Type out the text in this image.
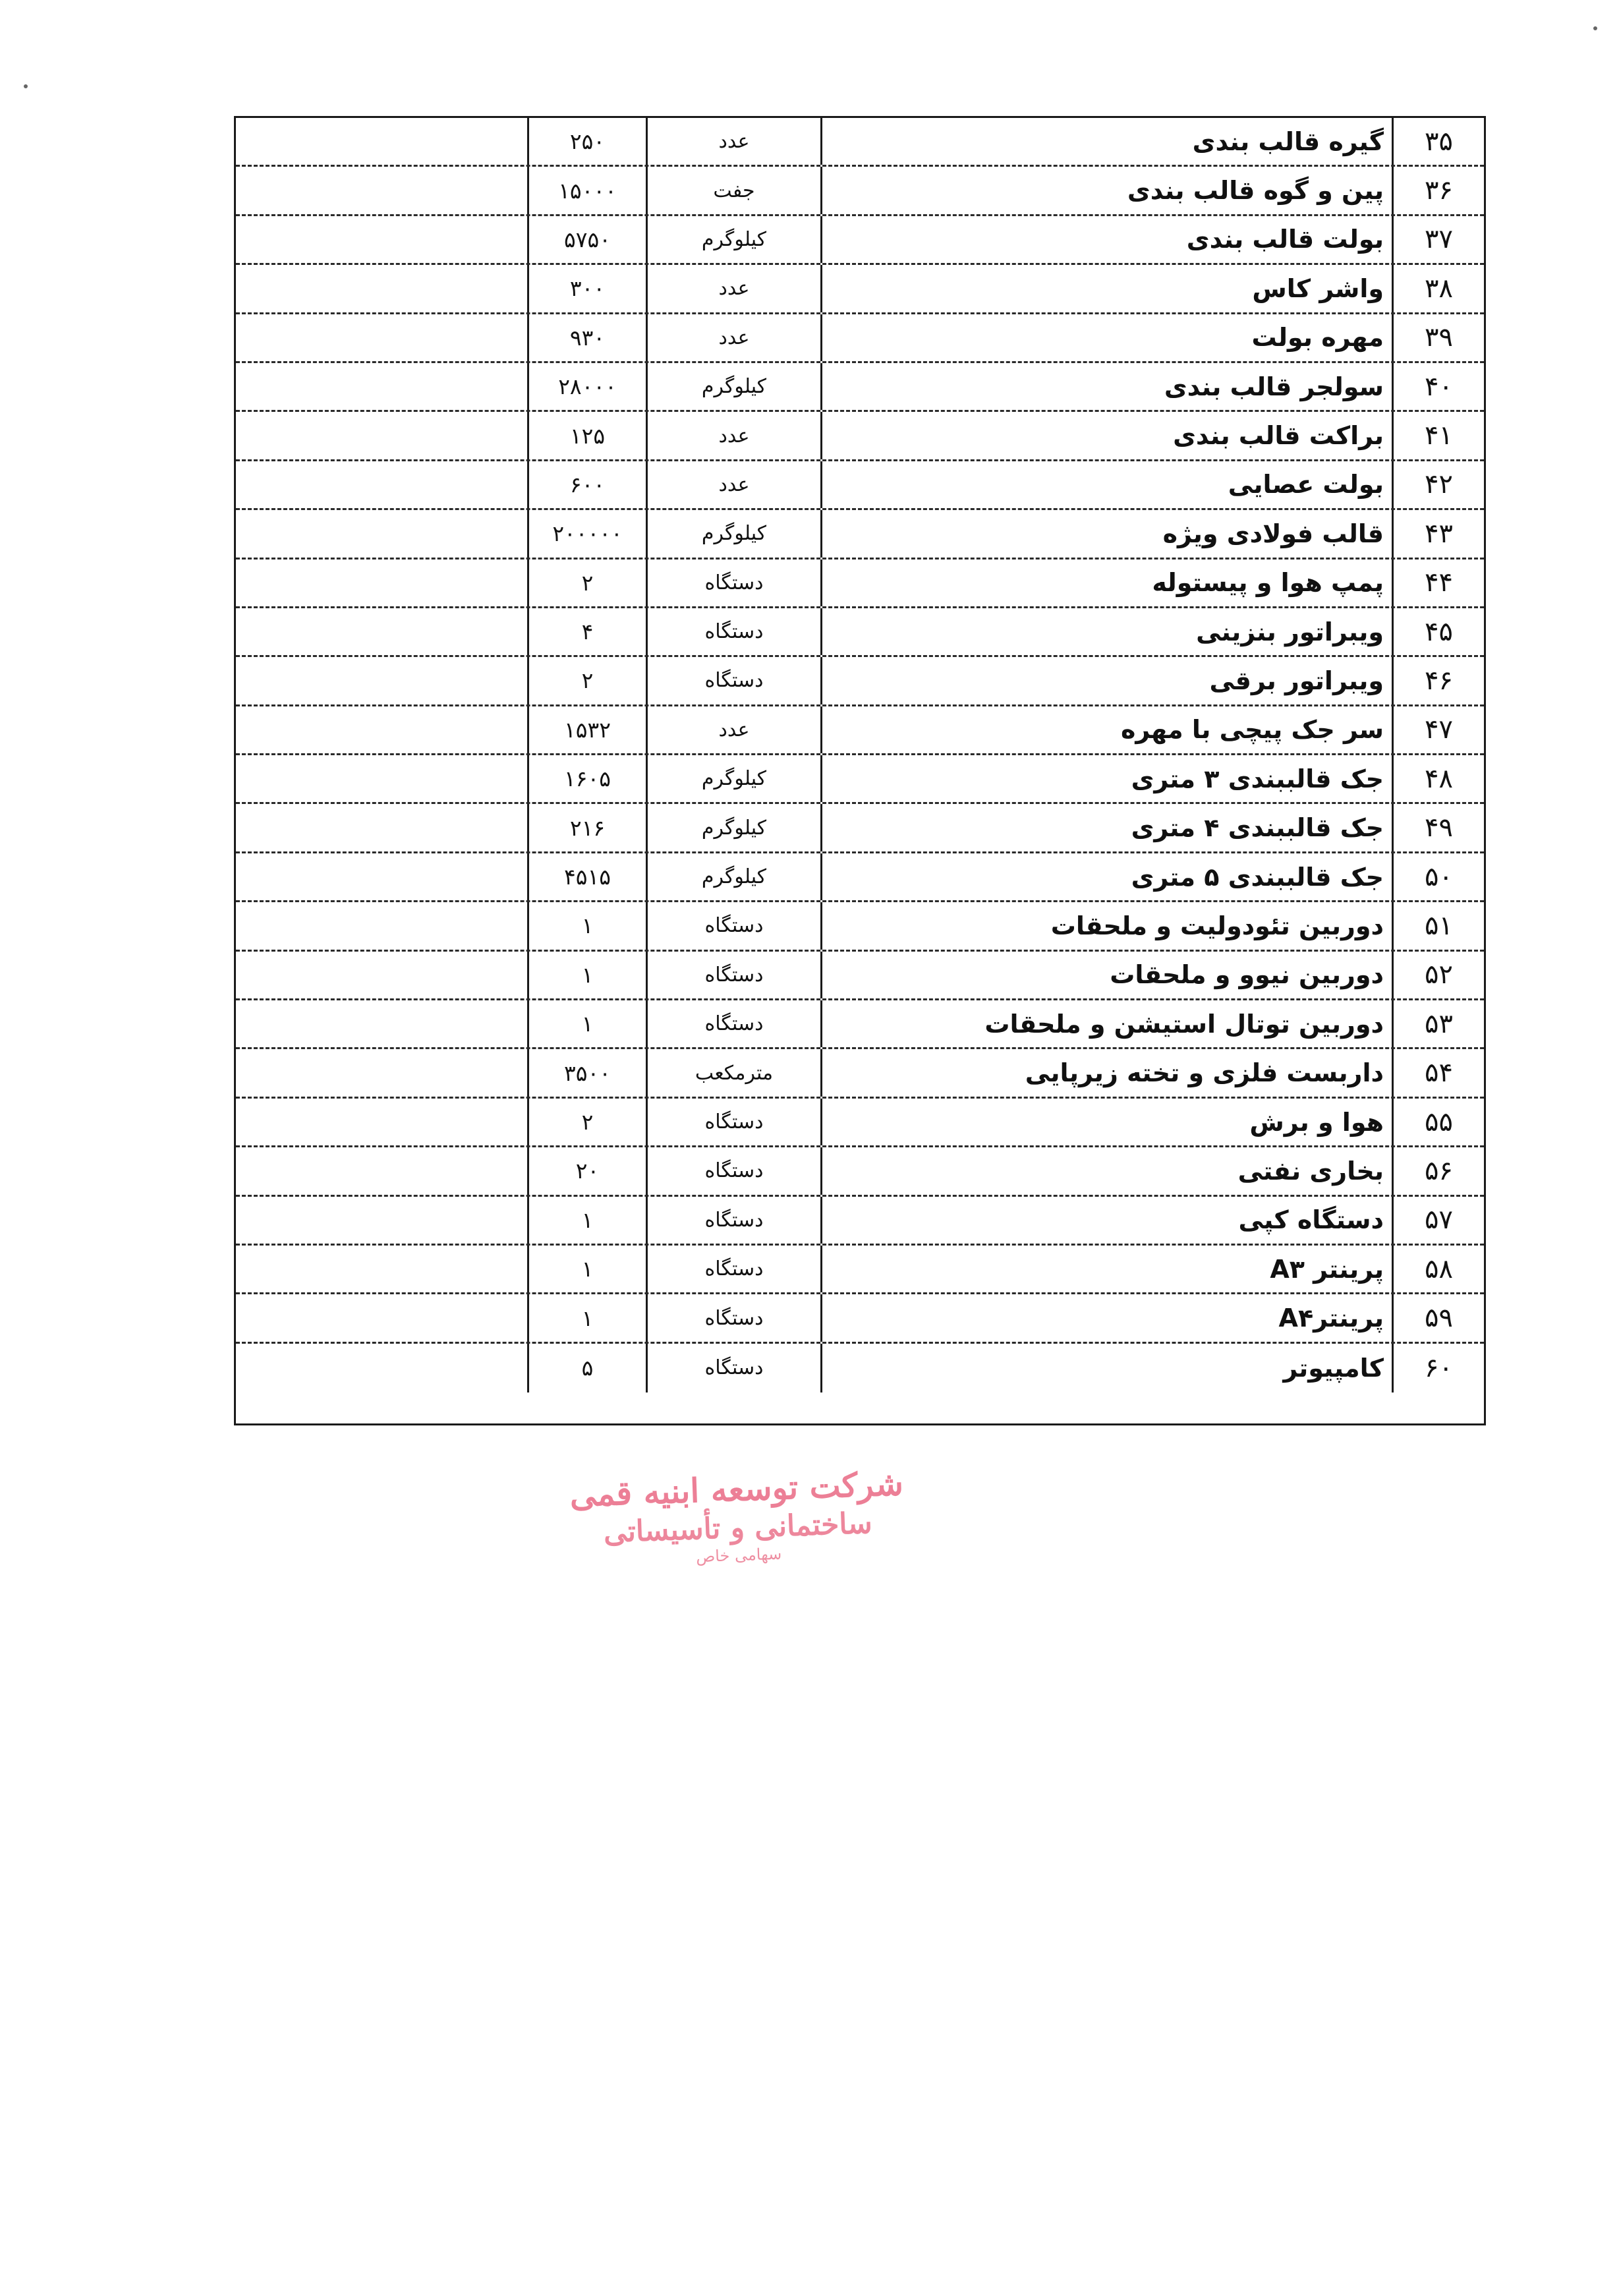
۳۵
گیره قالب بندی
عدد
۲۵۰
۳۶
پین و گوه قالب بندی
جفت
۱۵۰۰۰
۳۷
بولت قالب بندی
کیلوگرم
۵۷۵۰
۳۸
واشر کاس
عدد
۳۰۰
۳۹
مهره بولت
عدد
۹۳۰
۴۰
سولجر قالب بندی
کیلوگرم
۲۸۰۰۰
۴۱
براکت قالب بندی
عدد
۱۲۵
۴۲
بولت عصایی
عدد
۶۰۰
۴۳
قالب فولادی ویژه
کیلوگرم
۲۰۰۰۰۰
۴۴
پمپ هوا و پیستوله
دستگاه
۲
۴۵
ویبراتور بنزینی
دستگاه
۴
۴۶
ویبراتور برقی
دستگاه
۲
۴۷
سر جک پیچی با مهره
عدد
۱۵۳۲
۴۸
جک قالببندی ۳ متری
کیلوگرم
۱۶۰۵
۴۹
جک قالببندی ۴ متری
کیلوگرم
۲۱۶
۵۰
جک قالببندی ۵ متری
کیلوگرم
۴۵۱۵
۵۱
دوربین تئودولیت و ملحقات
دستگاه
۱
۵۲
دوربین نیوو و ملحقات
دستگاه
۱
۵۳
دوربین توتال استیشن و ملحقات
دستگاه
۱
۵۴
داربست فلزی و تخته زیرپایی
مترمکعب
۳۵۰۰
۵۵
هوا و برش
دستگاه
۲
۵۶
بخاری نفتی
دستگاه
۲۰
۵۷
دستگاه کپی
دستگاه
۱
۵۸
پرینتر A۳
دستگاه
۱
۵۹
پرینترA۴
دستگاه
۱
۶۰
کامپیوتر
دستگاه
۵
شرکت توسعه ابنیه قمی
ساختمانی و تأسیساتی
سهامی خاص
